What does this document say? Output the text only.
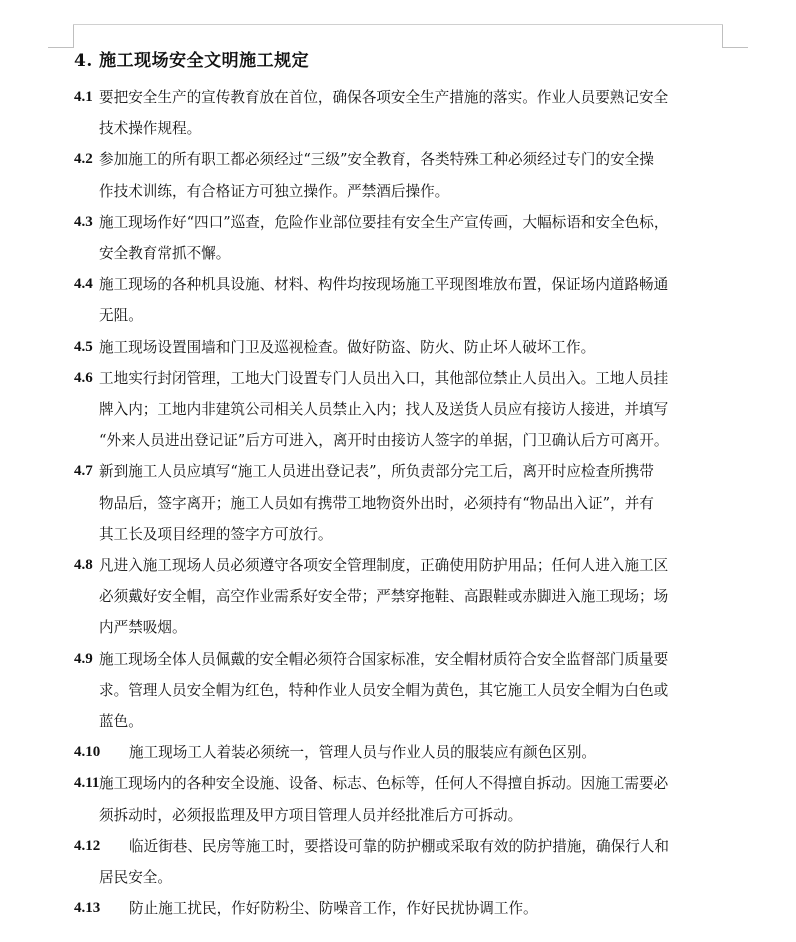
4. 施工现场安全文明施工规定
4.1 要把安全生产的宣传教育放在首位，确保各项安全生产措施的落实。作业人员要熟记安全
技术操作规程。
4.2 参加施工的所有职工都必须经过“三级”安全教育，各类特殊工种必须经过专门的安全操
作技术训练，有合格证方可独立操作。严禁酒后操作。
4.3 施工现场作好“四口”巡查，危险作业部位要挂有安全生产宣传画，大幅标语和安全色标，
安全教育常抓不懈。
4.4 施工现场的各种机具设施、材料、构件均按现场施工平现图堆放布置，保证场内道路畅通
无阻。
4.5 施工现场设置围墙和门卫及巡视检查。做好防盗、防火、防止坏人破坏工作。
4.6 工地实行封闭管理，工地大门设置专门人员出入口，其他部位禁止人员出入。工地人员挂
牌入内；工地内非建筑公司相关人员禁止入内；找人及送货人员应有接访人接进，并填写
“外来人员进出登记证”后方可进入，离开时由接访人签字的单据，门卫确认后方可离开。
4.7 新到施工人员应填写“施工人员进出登记表”，所负责部分完工后，离开时应检查所携带
物品后，签字离开；施工人员如有携带工地物资外出时，必须持有“物品出入证”，并有
其工长及项目经理的签字方可放行。
4.8 凡进入施工现场人员必须遵守各项安全管理制度，正确使用防护用品；任何人进入施工区
必须戴好安全帽，高空作业需系好安全带；严禁穿拖鞋、高跟鞋或赤脚进入施工现场；场
内严禁吸烟。
4.9 施工现场全体人员佩戴的安全帽必须符合国家标准，安全帽材质符合安全监督部门质量要
求。管理人员安全帽为红色，特种作业人员安全帽为黄色，其它施工人员安全帽为白色或
蓝色。
4.10 施工现场工人着装必须统一，管理人员与作业人员的服装应有颜色区别。
4.11 施工现场内的各种安全设施、设备、标志、色标等，任何人不得擅自拆动。因施工需要必
须拆动时，必须报监理及甲方项目管理人员并经批准后方可拆动。
4.12 临近街巷、民房等施工时，要搭设可靠的防护棚或采取有效的防护措施，确保行人和
居民安全。
4.13 防止施工扰民，作好防粉尘、防噪音工作，作好民扰协调工作。
